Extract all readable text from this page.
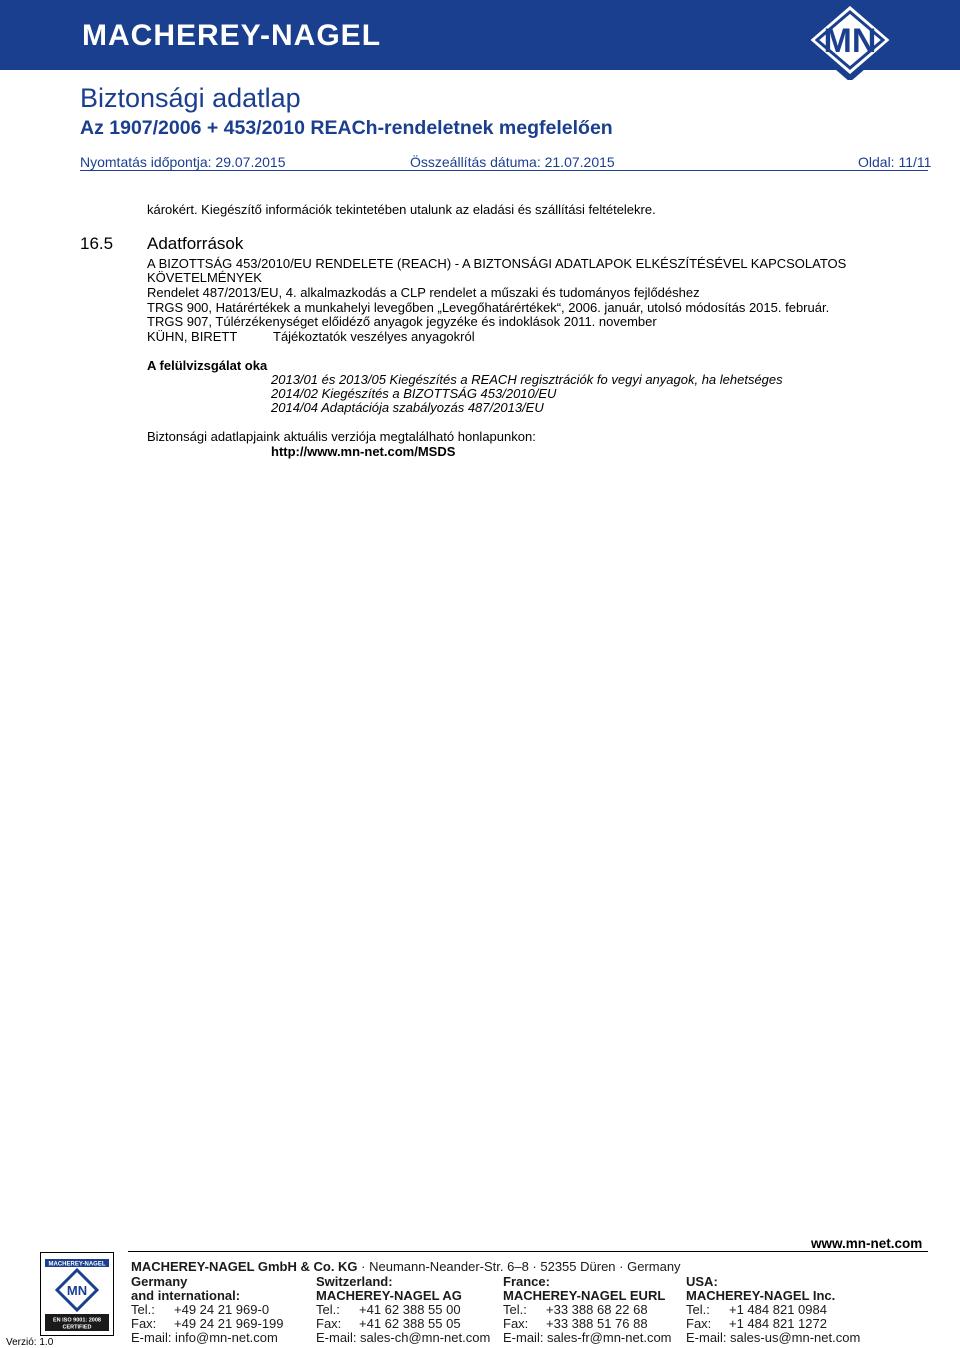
MACHEREY-NAGEL	MN
Biztonsági adatlap
Az 1907/2006 + 453/2010 REACh-rendeletnek megfelelően
Nyomtatás időpontja: 29.07.2015	Összeállítás dátuma: 21.07.2015	Oldal: 11/11
károkért. Kiegészítő információk tekintetében utalunk az eladási és szállítási feltételekre.
16.5 Adatforrások
A BIZOTTSÁG 453/2010/EU RENDELETE (REACH) - A BIZTONSÁGI ADATLAPOK ELKÉSZÍTÉSÉVEL KAPCSOLATOS
KÖVETELMÉNYEK
Rendelet 487/2013/EU, 4. alkalmazkodás a CLP rendelet a műszaki és tudományos fejlődéshez
TRGS 900, Határértékek a munkahelyi levegőben „Levegőhatárértékek“, 2006. január, utolsó módosítás 2015. február.
TRGS 907, Túlérzékenységet előidéző anyagok jegyzéke és indoklások 2011. november
KÜHN, BIRETT	Tájékoztatók veszélyes anyagokról
A felülvizsgálat oka
2013/01 és 2013/05 Kiegészítés a REACH regisztrációk fo vegyi anyagok, ha lehetséges
2014/02 Kiegészítés a BIZOTTSÁG 453/2010/EU
2014/04 Adaptációja szabályozás 487/2013/EU
Biztonsági adatlapjaink aktuális verziója megtalálható honlapunkon:
http://www.mn-net.com/MSDS
www.mn-net.com
MACHEREY-NAGEL
MN
EN ISO 9001: 2008
CERTIFIED
MACHEREY-NAGEL GmbH & Co. KG · Neumann-Neander-Str. 6–8 · 52355 Düren · Germany
Germany
and international:
Tel.: +49 24 21 969-0
Fax: +49 24 21 969-199
E-mail: info@mn-net.com
Switzerland:
MACHEREY-NAGEL AG
Tel.: +41 62 388 55 00
Fax: +41 62 388 55 05
E-mail: sales-ch@mn-net.com
France:
MACHEREY-NAGEL EURL
Tel.: +33 388 68 22 68
Fax: +33 388 51 76 88
E-mail: sales-fr@mn-net.com
USA:
MACHEREY-NAGEL Inc.
Tel.: +1 484 821 0984
Fax: +1 484 821 1272
E-mail: sales-us@mn-net.com
Verzió: 1.0
